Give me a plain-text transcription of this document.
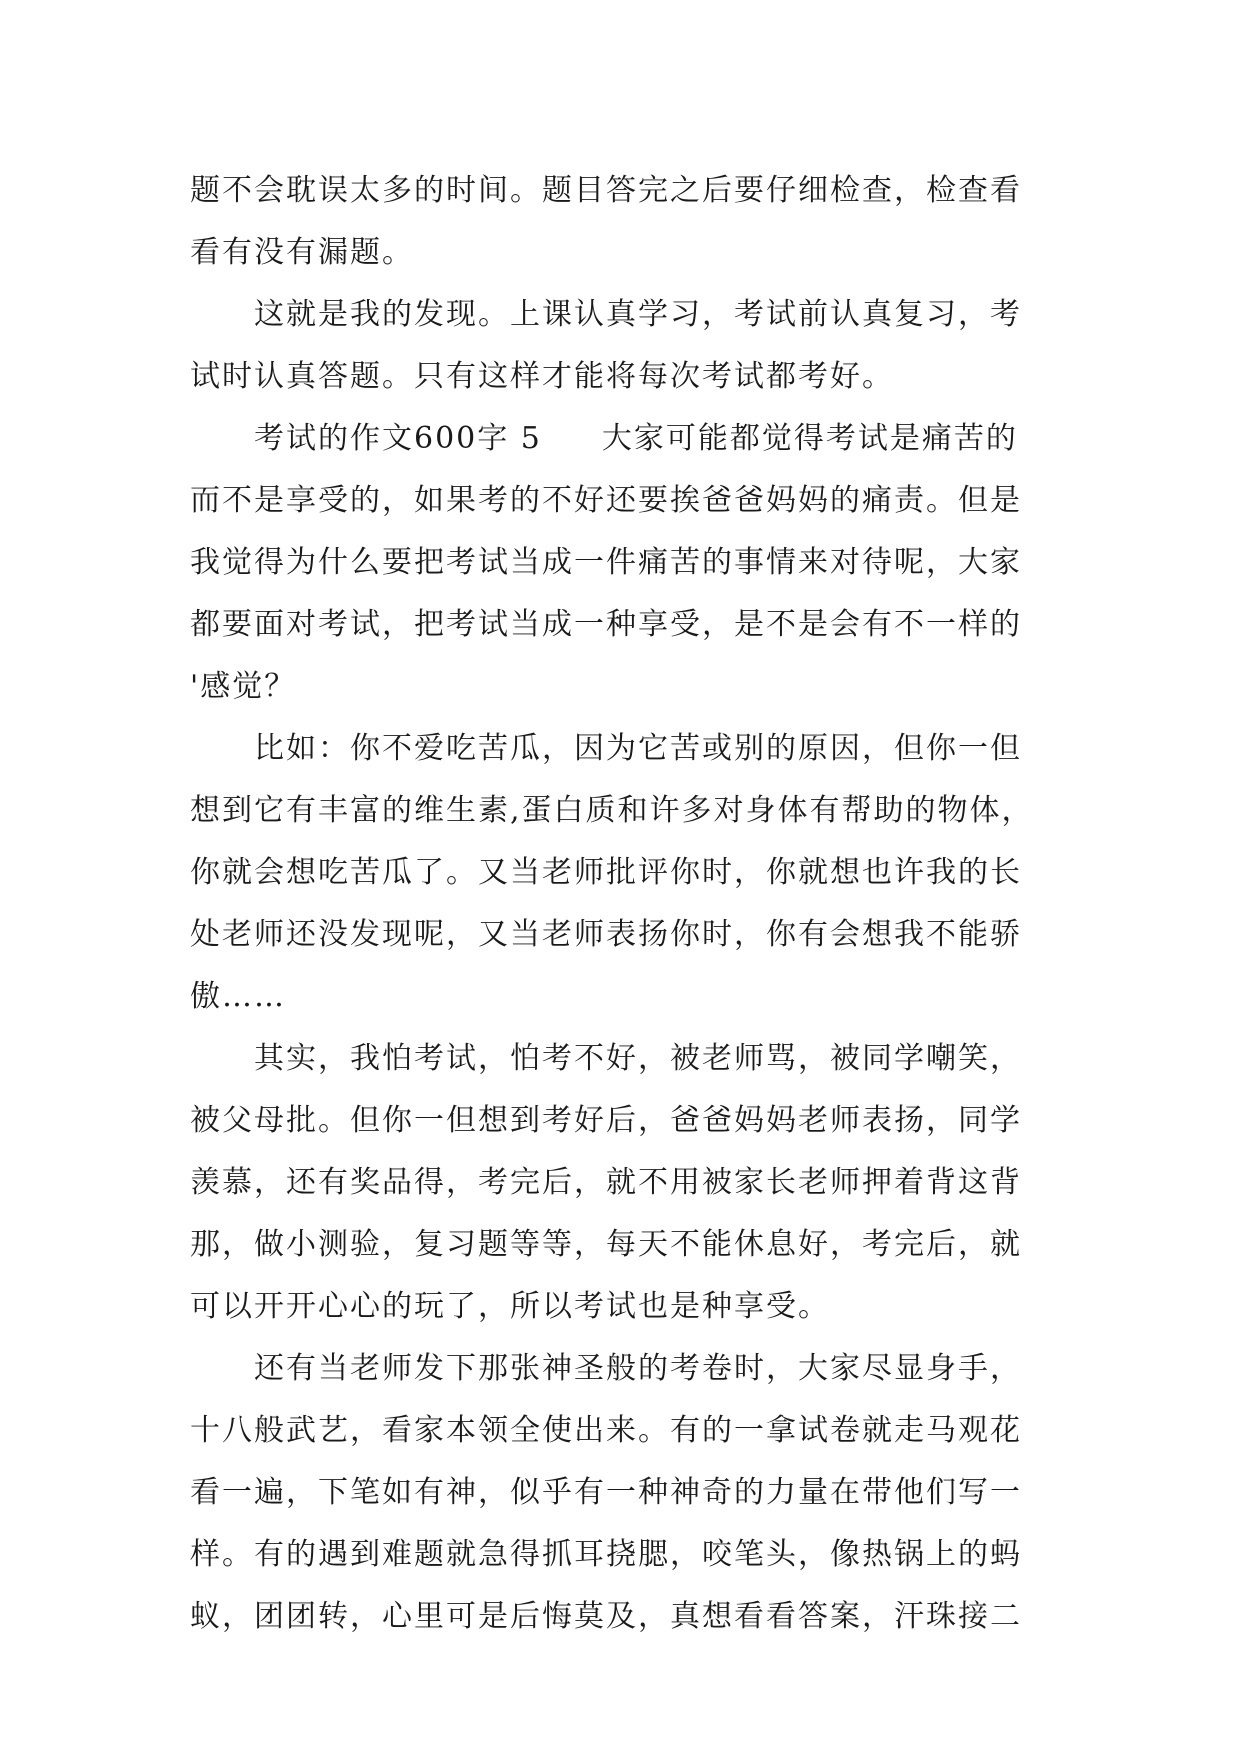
题不会耽误太多的时间。题目答完之后要仔细检查，检查看
看有没有漏题。
这就是我的发现。上课认真学习，考试前认真复习，考
试时认真答题。只有这样才能将每次考试都考好。
考试的作文600字 5 大家可能都觉得考试是痛苦的
而不是享受的，如果考的不好还要挨爸爸妈妈的痛责。但是
我觉得为什么要把考试当成一件痛苦的事情来对待呢，大家
都要面对考试，把考试当成一种享受，是不是会有不一样的
'感觉？
比如：你不爱吃苦瓜，因为它苦或别的原因，但你一但
想到它有丰富的维生素,蛋白质和许多对身体有帮助的物体，
你就会想吃苦瓜了。又当老师批评你时，你就想也许我的长
处老师还没发现呢，又当老师表扬你时，你有会想我不能骄
傲……
其实，我怕考试，怕考不好，被老师骂，被同学嘲笑，
被父母批。但你一但想到考好后，爸爸妈妈老师表扬，同学
羡慕，还有奖品得，考完后，就不用被家长老师押着背这背
那，做小测验，复习题等等，每天不能休息好，考完后，就
可以开开心心的玩了，所以考试也是种享受。
还有当老师发下那张神圣般的考卷时，大家尽显身手，
十八般武艺，看家本领全使出来。有的一拿试卷就走马观花
看一遍，下笔如有神，似乎有一种神奇的力量在带他们写一
样。有的遇到难题就急得抓耳挠腮，咬笔头，像热锅上的蚂
蚁，团团转，心里可是后悔莫及，真想看看答案，汗珠接二
